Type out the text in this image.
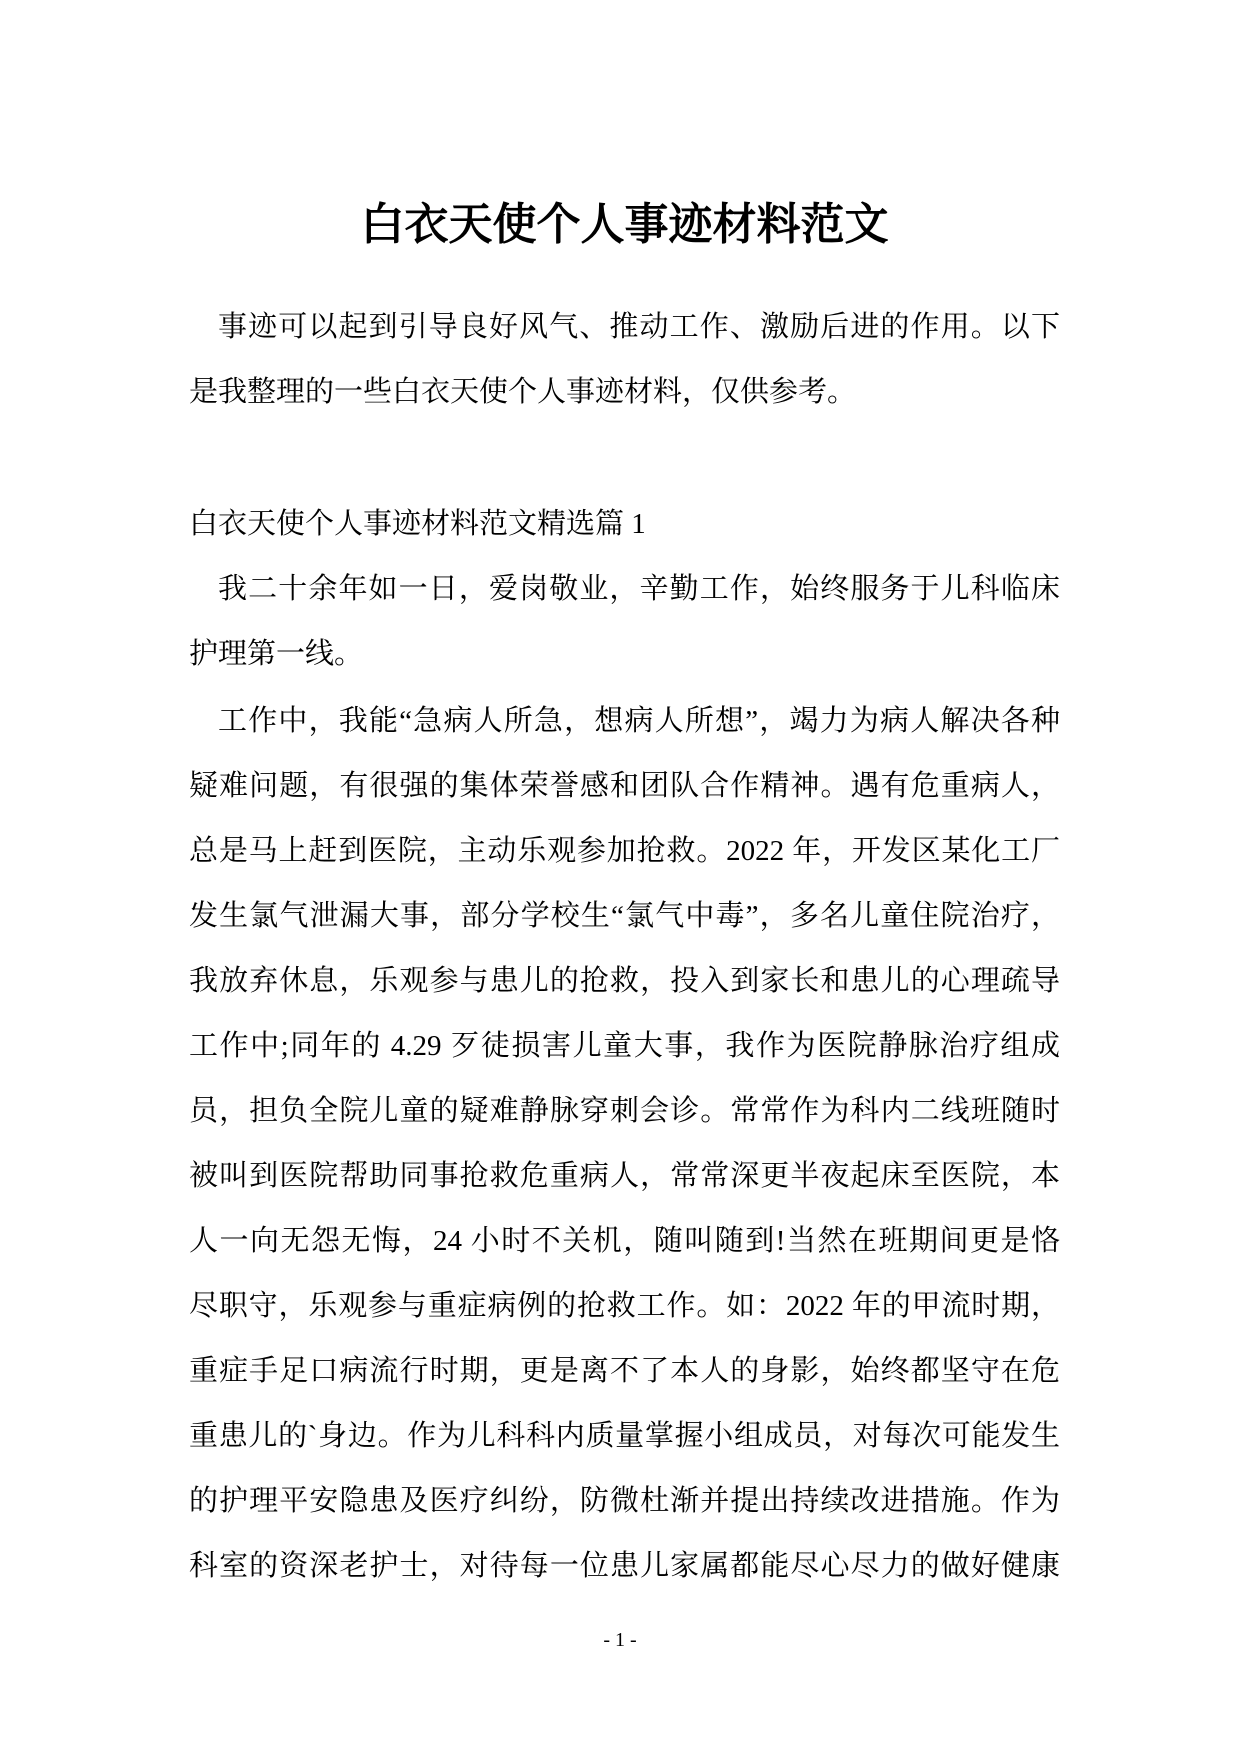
白衣天使个人事迹材料范文
事迹可以起到引导良好风气、推动工作、激励后进的作用。以下
是我整理的一些白衣天使个人事迹材料，仅供参考。
白衣天使个人事迹材料范文精选篇 1
我二十余年如一日，爱岗敬业，辛勤工作，始终服务于儿科临床
护理第一线。
工作中，我能“急病人所急，想病人所想”，竭力为病人解决各种
疑难问题，有很强的集体荣誉感和团队合作精神。遇有危重病人，
总是马上赶到医院，主动乐观参加抢救。2022 年，开发区某化工厂
发生氯气泄漏大事，部分学校生“氯气中毒”，多名儿童住院治疗，
我放弃休息，乐观参与患儿的抢救，投入到家长和患儿的心理疏导
工作中;同年的 4.29 歹徒损害儿童大事，我作为医院静脉治疗组成
员，担负全院儿童的疑难静脉穿刺会诊。常常作为科内二线班随时
被叫到医院帮助同事抢救危重病人，常常深更半夜起床至医院，本
人一向无怨无悔，24 小时不关机，随叫随到!当然在班期间更是恪
尽职守，乐观参与重症病例的抢救工作。如：2022 年的甲流时期，
重症手足口病流行时期，更是离不了本人的身影，始终都坚守在危
重患儿的`身边。作为儿科科内质量掌握小组成员，对每次可能发生
的护理平安隐患及医疗纠纷，防微杜渐并提出持续改进措施。作为
科室的资深老护士，对待每一位患儿家属都能尽心尽力的做好健康
- 1 -
